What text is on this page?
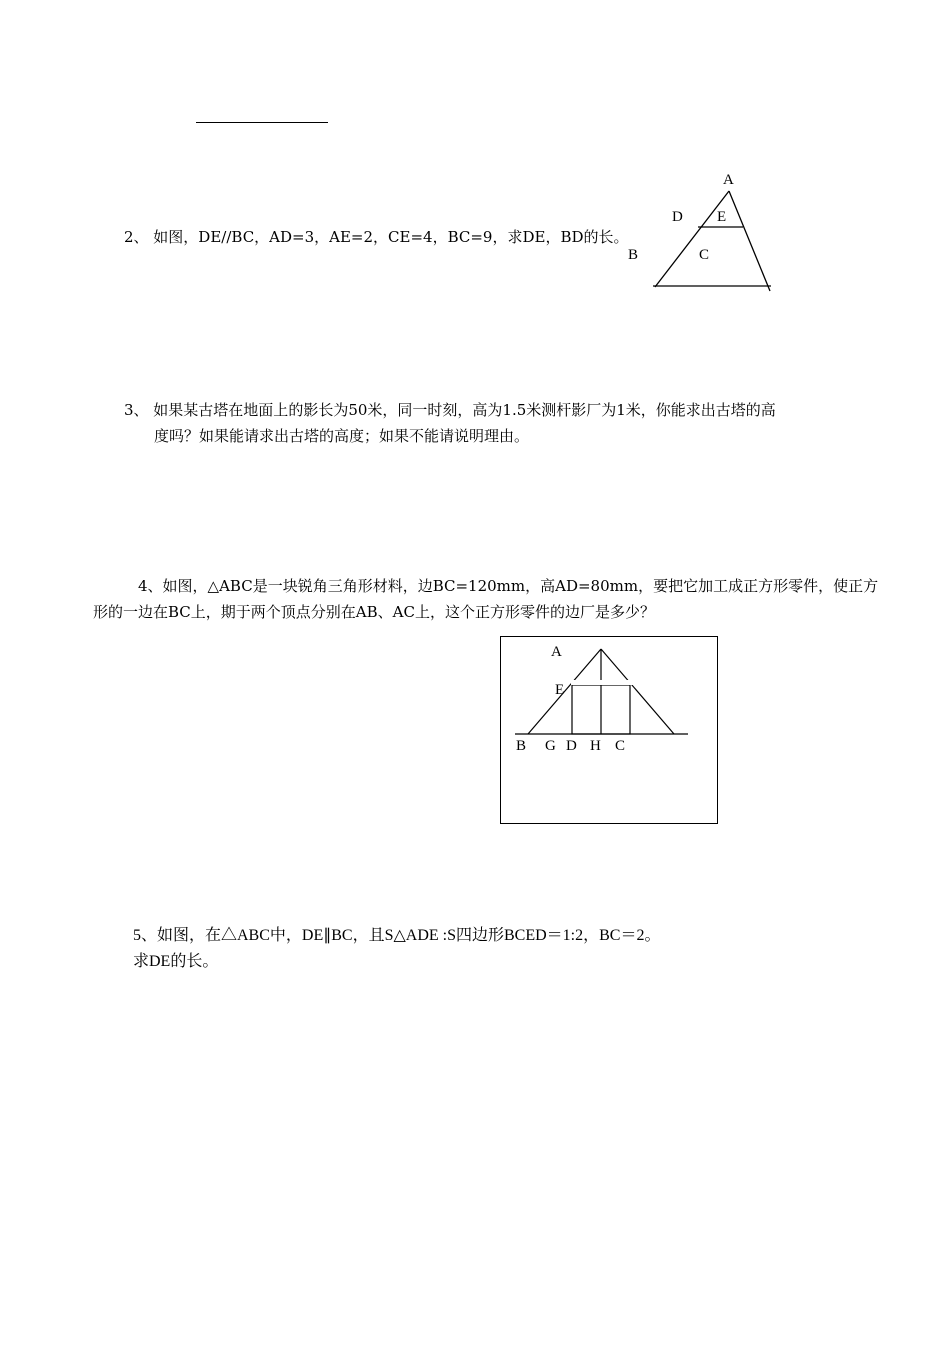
2、 如图，DE//BC，AD=3，AE=2，CE=4，BC=9，求DE，BD的长。
A
D E
B	C
3、 如果某古塔在地面上的影长为50米，同一时刻，高为1.5米测杆影厂为1米，你能求出古塔的高
度吗？如果能请求出古塔的高度；如果不能请说明理由。
4、如图，△ABC是一块锐角三角形材料，边BC=120mm，高AD=80mm，要把它加工成正方形零件，使正方
形的一边在BC上，期于两个顶点分别在AB、AC上，这个正方形零件的边厂是多少？
A
E
B G D H C
5、如图，在△ABC中，DE∥BC，且S△ADE :S四边形BCED＝1:2，BC＝2。
求DE的长。
